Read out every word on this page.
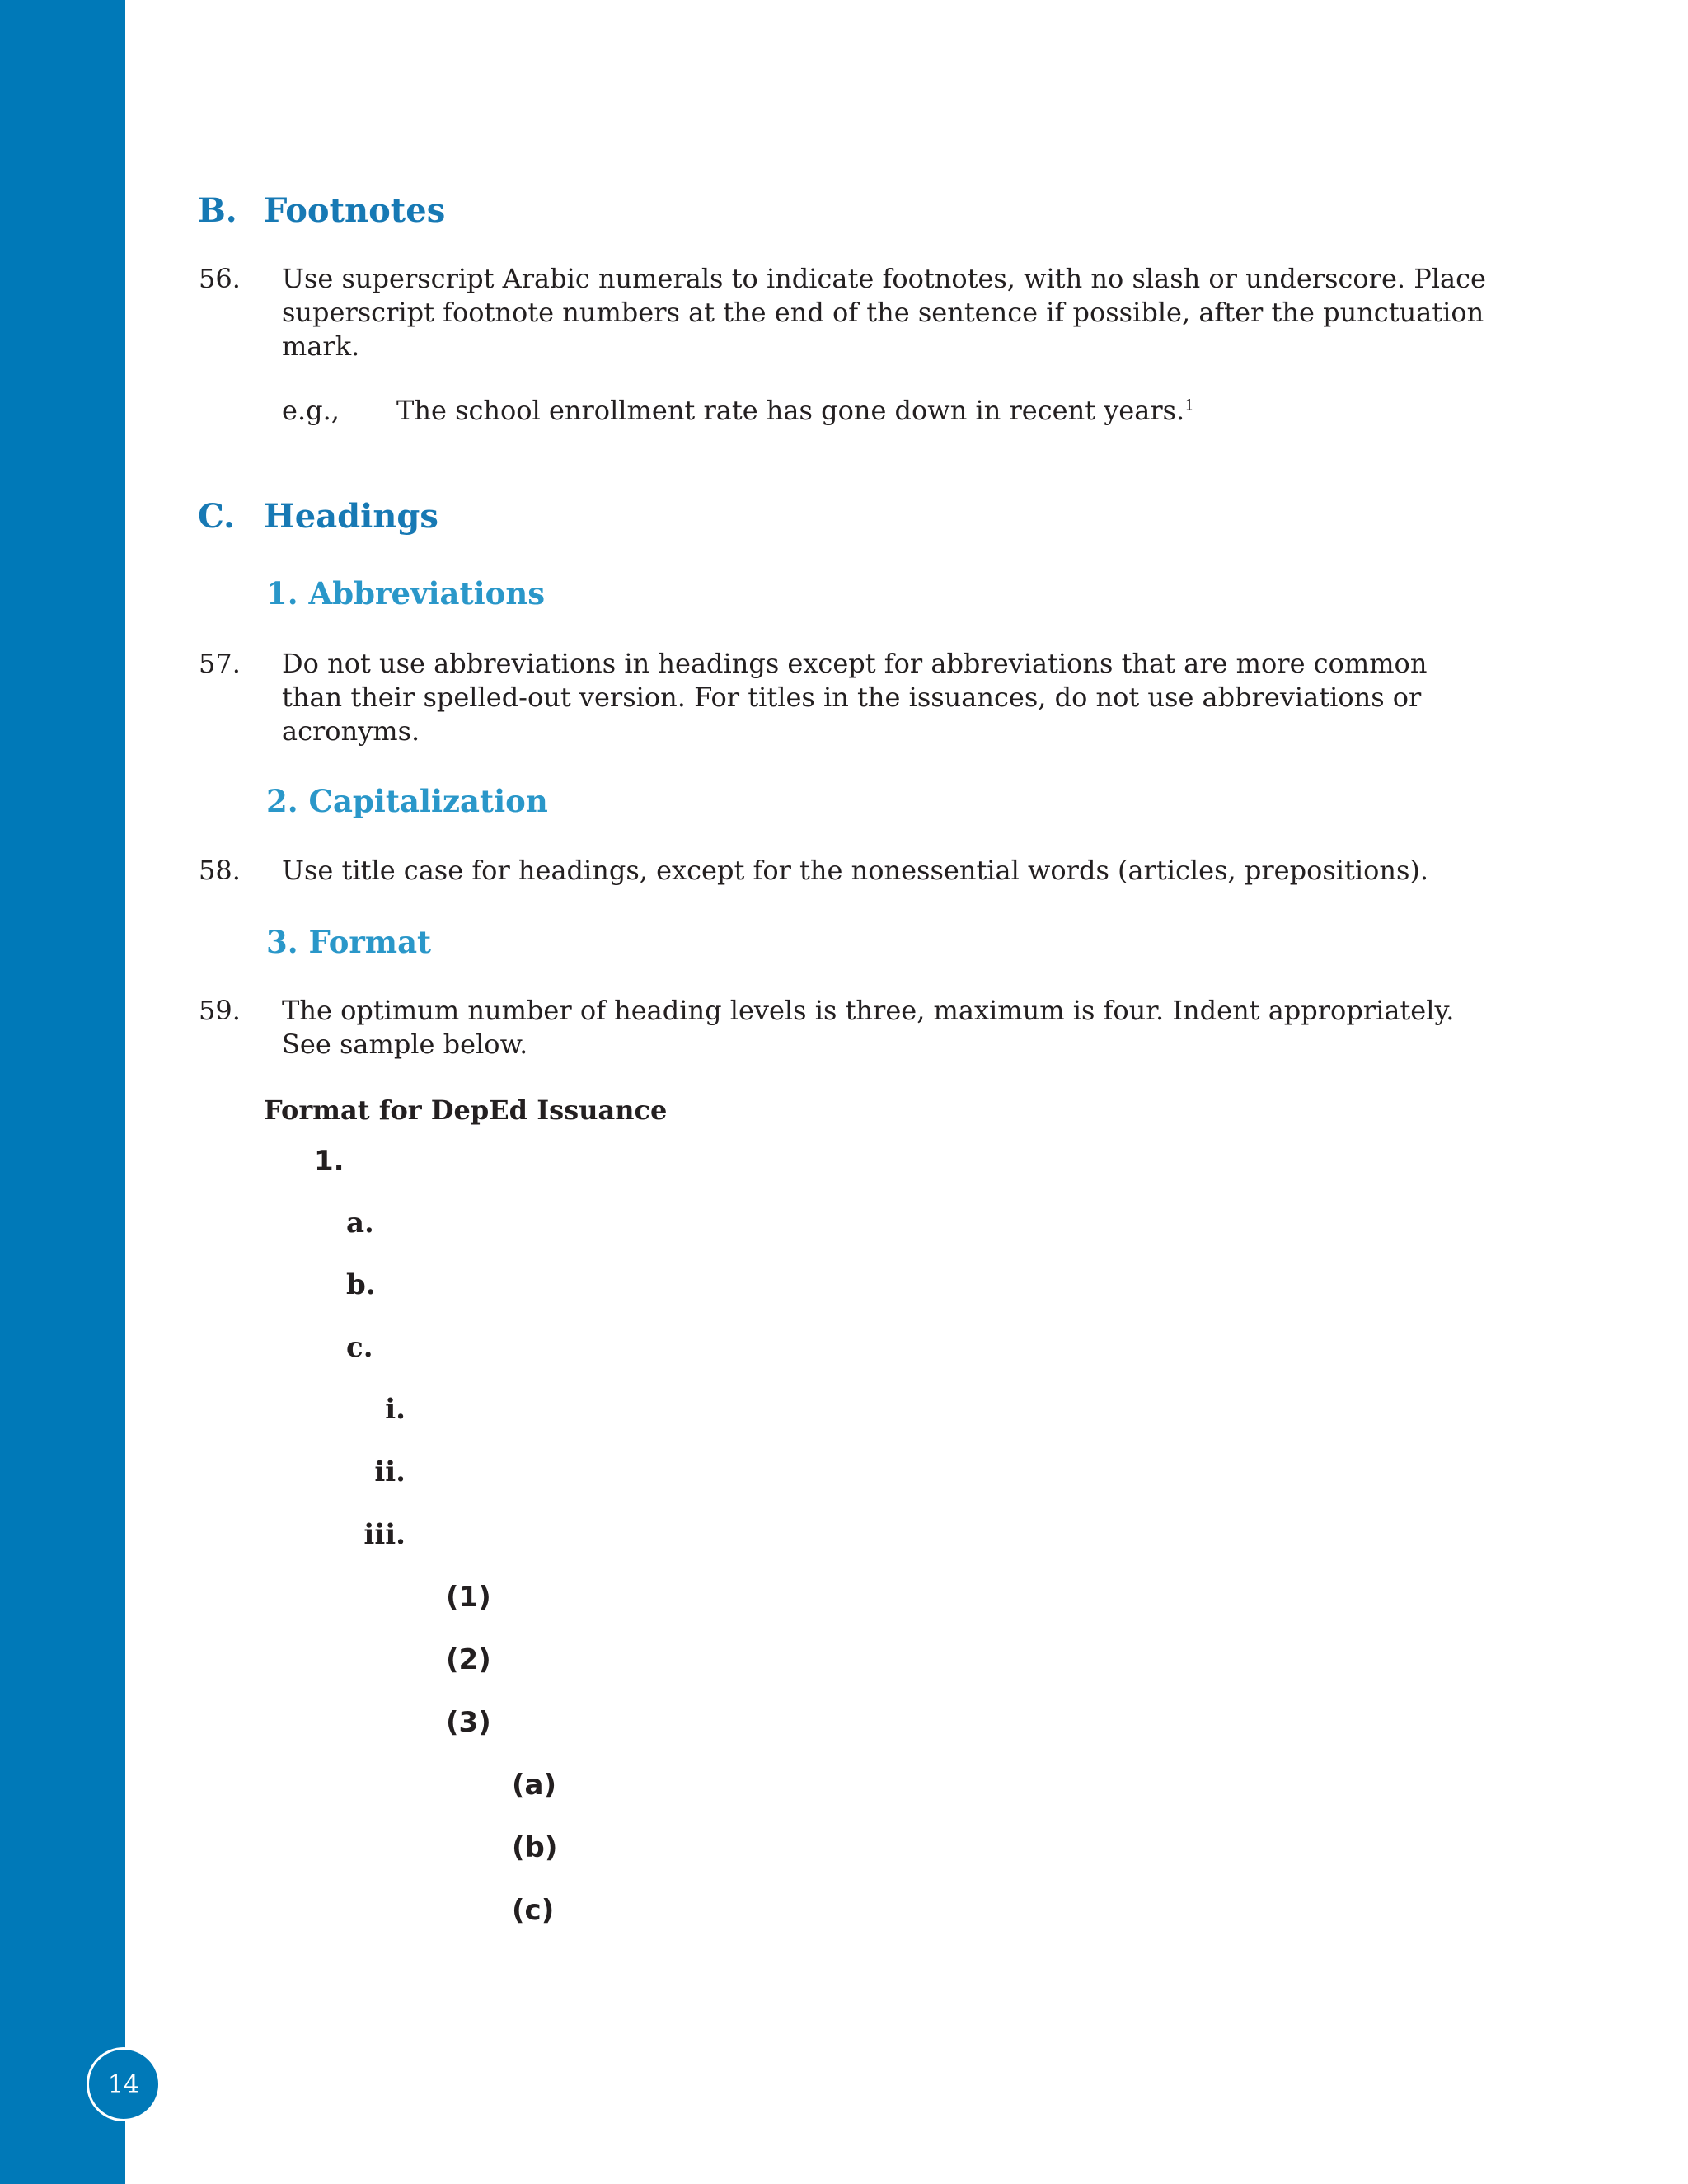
14
B. Footnotes
56. Use superscript Arabic numerals to indicate footnotes, with no slash or underscore. Place superscript footnote numbers at the end of the sentence if possible, after the punctuation mark.
e.g., The school enrollment rate has gone down in recent years.$^1$
C. Headings
1. Abbreviations
57. Do not use abbreviations in headings except for abbreviations that are more common than their spelled-out version. For titles in the issuances, do not use abbreviations or acronyms.
2. Capitalization
58. Use title case for headings, except for the nonessential words (articles, prepositions).
3. Format
59. The optimum number of heading levels is three, maximum is four. Indent appropriately. See sample below.
Format for DepEd Issuance
1.
a.
b.
c.
i.
ii.
iii.
(1)
(2)
(3)
(a)
(b)
(c)
